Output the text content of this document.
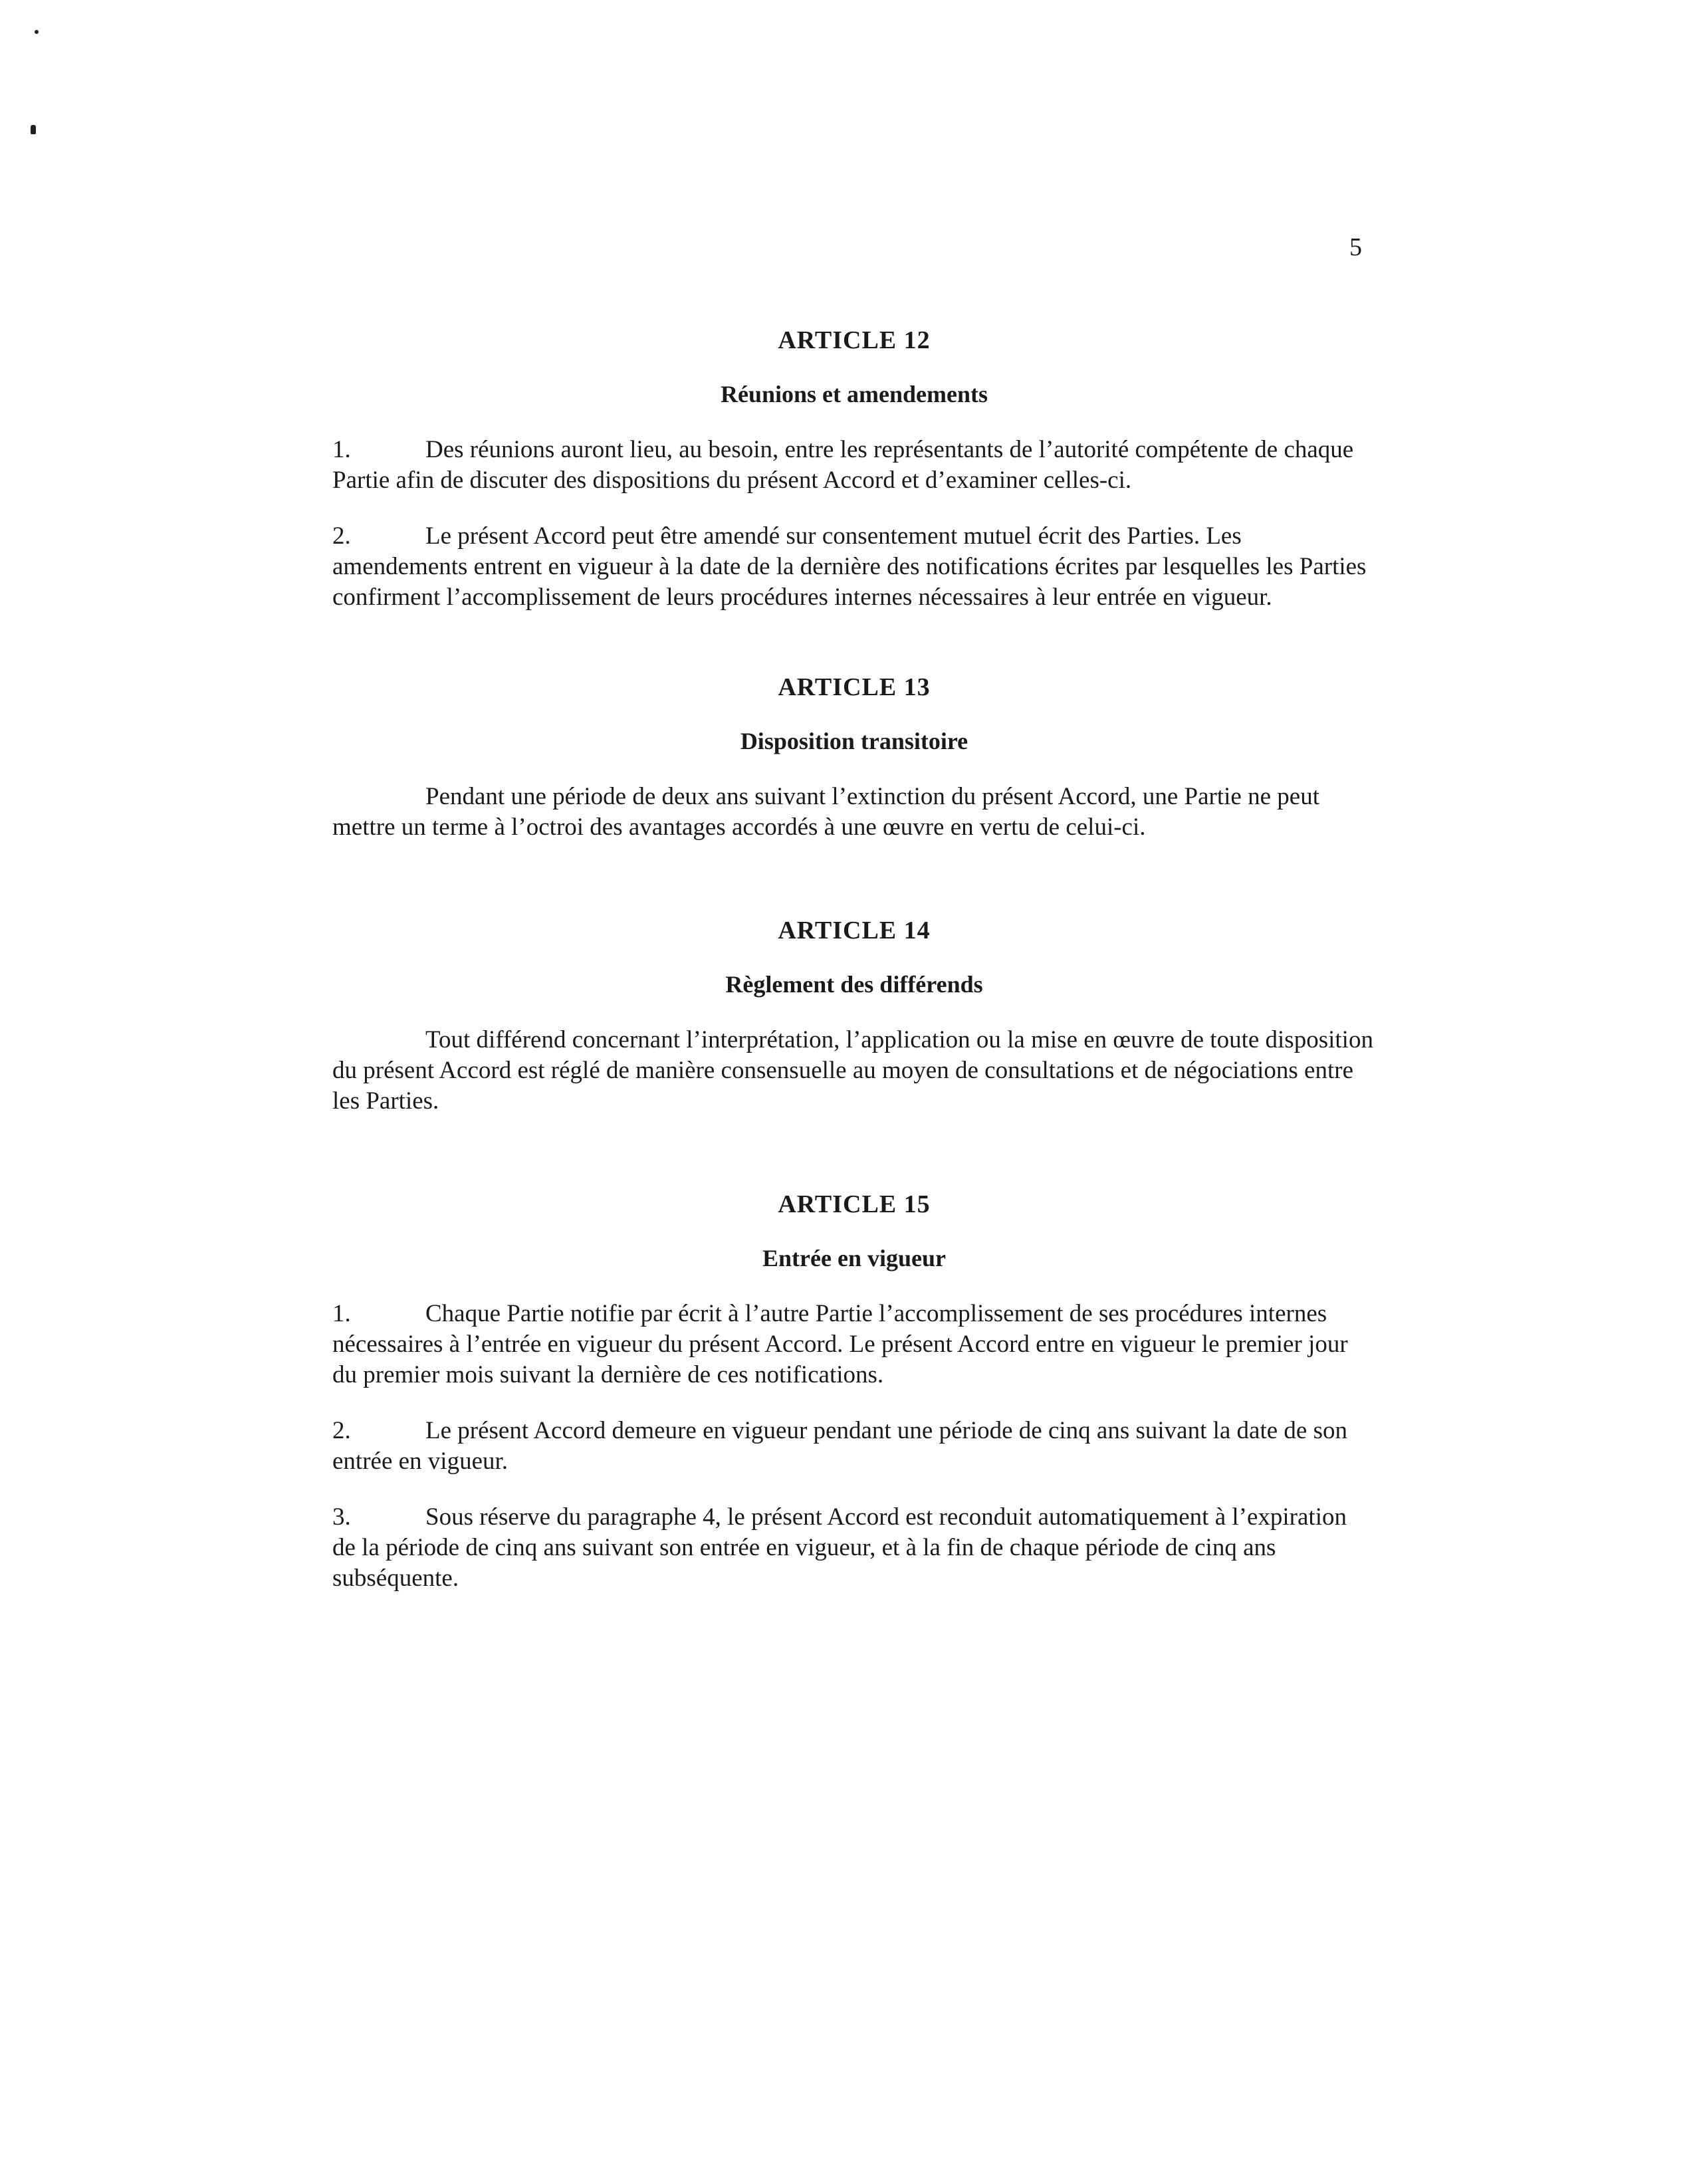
5
ARTICLE 12
Réunions et amendements

1.	Des réunions auront lieu, au besoin, entre les représentants de l’autorité compétente de chaque Partie afin de discuter des dispositions du présent Accord et d’examiner celles-ci.

2.	Le présent Accord peut être amendé sur consentement mutuel écrit des Parties. Les amendements entrent en vigueur à la date de la dernière des notifications écrites par lesquelles les Parties confirment l’accomplissement de leurs procédures internes nécessaires à leur entrée en vigueur.

ARTICLE 13
Disposition transitoire

Pendant une période de deux ans suivant l’extinction du présent Accord, une Partie ne peut mettre un terme à l’octroi des avantages accordés à une œuvre en vertu de celui-ci.

ARTICLE 14
Règlement des différends

Tout différend concernant l’interprétation, l’application ou la mise en œuvre de toute disposition du présent Accord est réglé de manière consensuelle au moyen de consultations et de négociations entre les Parties.

ARTICLE 15
Entrée en vigueur

1.	Chaque Partie notifie par écrit à l’autre Partie l’accomplissement de ses procédures internes nécessaires à l’entrée en vigueur du présent Accord. Le présent Accord entre en vigueur le premier jour du premier mois suivant la dernière de ces notifications.

2.	Le présent Accord demeure en vigueur pendant une période de cinq ans suivant la date de son entrée en vigueur.

3.	Sous réserve du paragraphe 4, le présent Accord est reconduit automatiquement à l’expiration de la période de cinq ans suivant son entrée en vigueur, et à la fin de chaque période de cinq ans subséquente.
